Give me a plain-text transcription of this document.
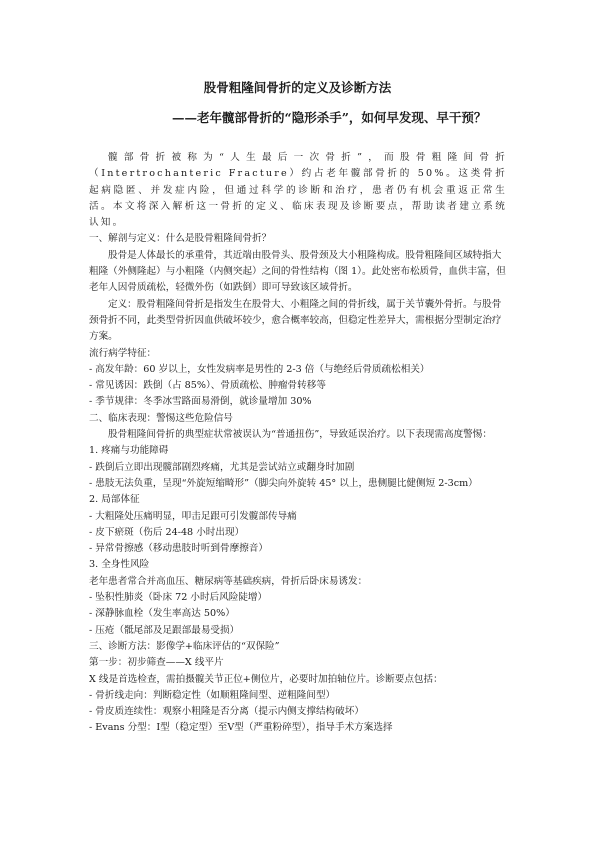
股骨粗隆间骨折的定义及诊断方法
——老年髋部骨折的“隐形杀手”，如何早发现、早干预？

髋部骨折被称为“人生最后一次骨折”，而股骨粗隆间骨折（Intertrochanteric Fracture）约占老年髋部骨折的 50%。这类骨折起病隐匿、并发症内险，但通过科学的诊断和治疗，患者仍有机会重返正常生活。本文将深入解析这一骨折的定义、临床表现及诊断要点，帮助读者建立系统认知。

一、解剖与定义：什么是股骨粗隆间骨折？

股骨是人体最长的承重骨，其近端由股骨头、股骨颈及大小粗隆构成。股骨粗隆间区域特指大粗隆（外侧隆起）与小粗隆（内侧突起）之间的骨性结构（图 1）。此处密布松质骨，血供丰富，但老年人因骨质疏松，轻微外伤（如跌倒）即可导致该区域骨折。

定义：股骨粗隆间骨折是指发生在股骨大、小粗隆之间的骨折线，属于关节囊外骨折。与股骨颈骨折不同，此类型骨折因血供破坏较少，愈合概率较高，但稳定性差异大，需根据分型制定治疗方案。

流行病学特征：

- 高发年龄：60 岁以上，女性发病率是男性的 2-3 倍（与绝经后骨质疏松相关）

- 常见诱因：跌倒（占 85%）、骨质疏松、肿瘤骨转移等

- 季节规律：冬季冰雪路面易滑倒，就诊量增加 30%

二、临床表现：警惕这些危险信号

股骨粗隆间骨折的典型症状常被误认为“普通扭伤”，导致延误治疗。以下表现需高度警惕：

1. 疼痛与功能障碍

- 跌倒后立即出现髋部剧烈疼痛，尤其是尝试站立或翻身时加剧

- 患肢无法负重，呈现“外旋短缩畸形”（脚尖向外旋转 45° 以上，患侧腿比健侧短 2-3cm）

2. 局部体征

- 大粗隆处压痛明显，叩击足跟可引发髋部传导痛

- 皮下瘀斑（伤后 24-48 小时出现）

- 异常骨擦感（移动患肢时听到骨摩擦音）

3. 全身性风险

老年患者常合并高血压、糖尿病等基础疾病，骨折后卧床易诱发：

- 坠积性肺炎（卧床 72 小时后风险陡增）

- 深静脉血栓（发生率高达 50%）

- 压疮（骶尾部及足跟部最易受损）

三、诊断方法：影像学+临床评估的“双保险”

第一步：初步筛查——X 线平片

X 线是首选检查，需拍摄髋关节正位+侧位片，必要时加拍轴位片。诊断要点包括：

- 骨折线走向：判断稳定性（如顺粗隆间型、逆粗隆间型）

- 骨皮质连续性：观察小粗隆是否分离（提示内侧支撑结构破坏）

- Evans 分型：Ⅰ型（稳定型）至Ⅴ型（严重粉碎型），指导手术方案选择
